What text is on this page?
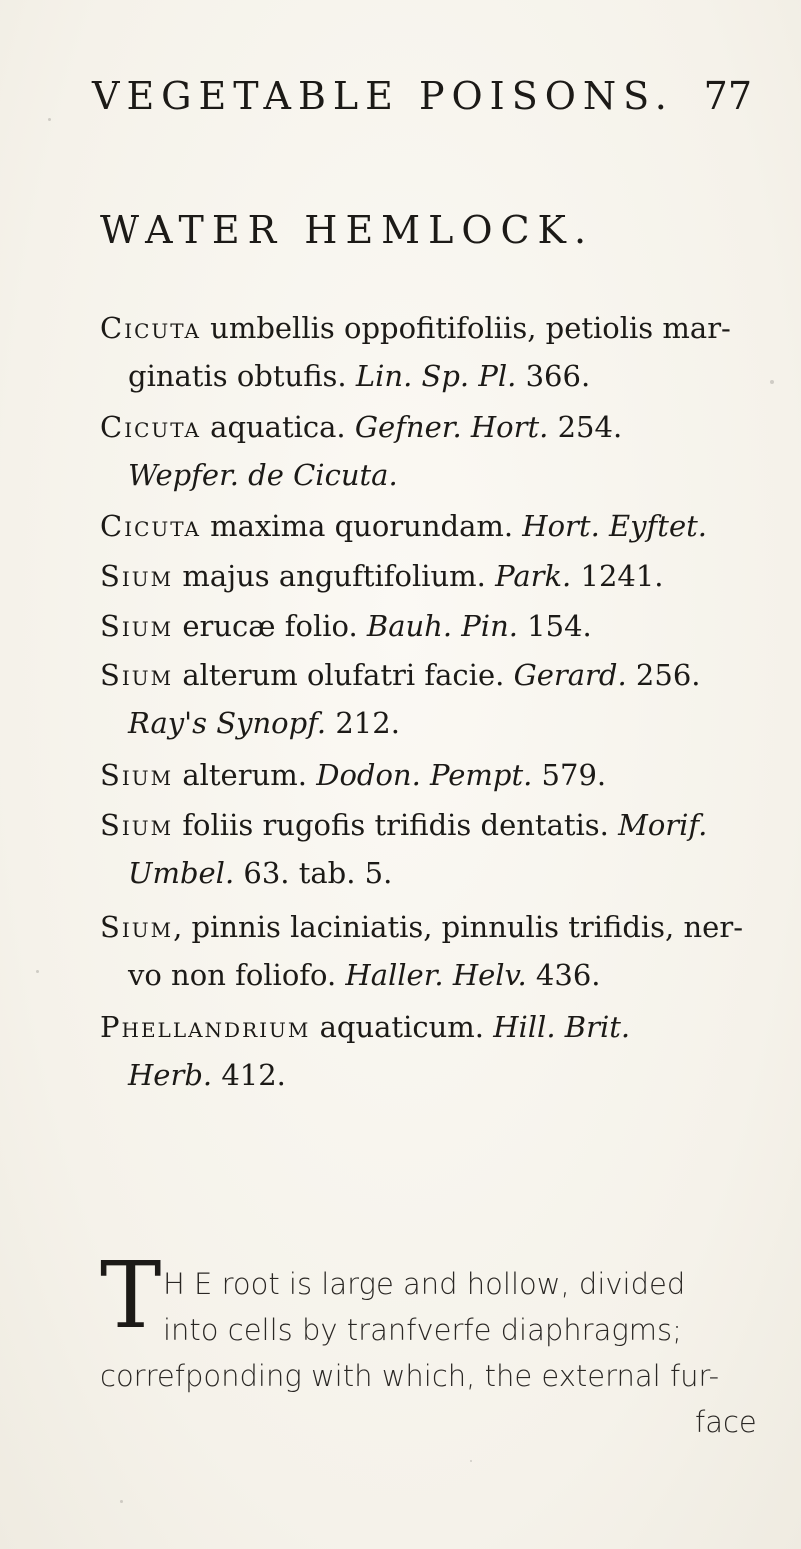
VEGETABLE POISONS. 77
WATER HEMLOCK.
Cicuta umbellis oppofitifoliis, petiolis mar-
ginatis obtufis. Lin. Sp. Pl. 366.
Cicuta aquatica. Gefner. Hort. 254.
Wepfer. de Cicuta.
Cicuta maxima quorundam. Hort. Eyftet.
Sium majus anguftifolium. Park. 1241.
Sium erucæ folio. Bauh. Pin. 154.
Sium alterum olufatri facie. Gerard. 256.
Ray's Synopf. 212.
Sium alterum. Dodon. Pempt. 579.
Sium foliis rugofis trifidis dentatis. Morif.
Umbel. 63. tab. 5.
Sium, pinnis laciniatis, pinnulis trifidis, ner-
vo non foliofo. Haller. Helv. 436.
Phellandrium aquaticum. Hill. Brit.
Herb. 412.
T H E root is large and hollow, divided
into cells by tranfverfe diaphragms;
correfponding with which, the external fur-
face
